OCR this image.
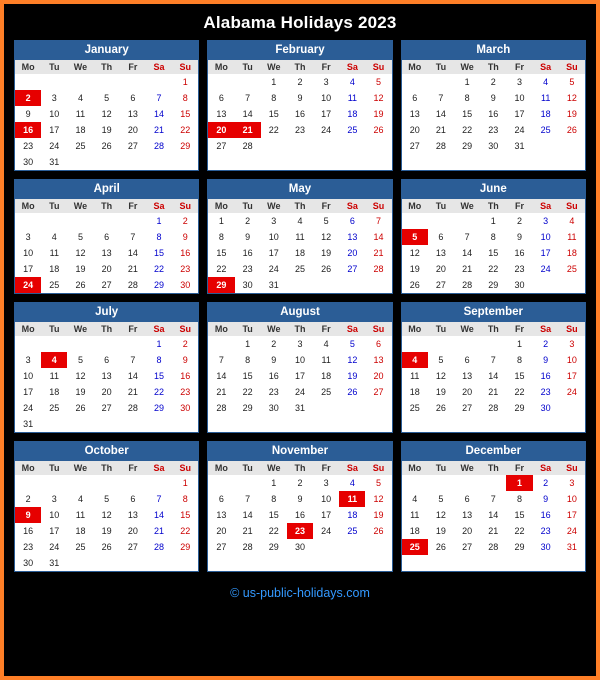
Alabama Holidays 2023
January
Mo	Tu	We	Th	Fr	Sa	Su
						1
2	3	4	5	6	7	8
9	10	11	12	13	14	15
16	17	18	19	20	21	22
23	24	25	26	27	28	29
30	31					
February
Mo	Tu	We	Th	Fr	Sa	Su
		1	2	3	4	5
6	7	8	9	10	11	12
13	14	15	16	17	18	19
20	21	22	23	24	25	26
27	28					
March
Mo	Tu	We	Th	Fr	Sa	Su
		1	2	3	4	5
6	7	8	9	10	11	12
13	14	15	16	17	18	19
20	21	22	23	24	25	26
27	28	29	30	31		
April
Mo	Tu	We	Th	Fr	Sa	Su
					1	2
3	4	5	6	7	8	9
10	11	12	13	14	15	16
17	18	19	20	21	22	23
24	25	26	27	28	29	30
May
Mo	Tu	We	Th	Fr	Sa	Su
1	2	3	4	5	6	7
8	9	10	11	12	13	14
15	16	17	18	19	20	21
22	23	24	25	26	27	28
29	30	31				
June
Mo	Tu	We	Th	Fr	Sa	Su
			1	2	3	4
5	6	7	8	9	10	11
12	13	14	15	16	17	18
19	20	21	22	23	24	25
26	27	28	29	30		
July
Mo	Tu	We	Th	Fr	Sa	Su
					1	2
3	4	5	6	7	8	9
10	11	12	13	14	15	16
17	18	19	20	21	22	23
24	25	26	27	28	29	30
31						
August
Mo	Tu	We	Th	Fr	Sa	Su
	1	2	3	4	5	6
7	8	9	10	11	12	13
14	15	16	17	18	19	20
21	22	23	24	25	26	27
28	29	30	31			
September
Mo	Tu	We	Th	Fr	Sa	Su
				1	2	3
4	5	6	7	8	9	10
11	12	13	14	15	16	17
18	19	20	21	22	23	24
25	26	27	28	29	30	
October
Mo	Tu	We	Th	Fr	Sa	Su
						1
2	3	4	5	6	7	8
9	10	11	12	13	14	15
16	17	18	19	20	21	22
23	24	25	26	27	28	29
30	31					
November
Mo	Tu	We	Th	Fr	Sa	Su
		1	2	3	4	5
6	7	8	9	10	11	12
13	14	15	16	17	18	19
20	21	22	23	24	25	26
27	28	29	30			
December
Mo	Tu	We	Th	Fr	Sa	Su
				1	2	3
4	5	6	7	8	9	10
11	12	13	14	15	16	17
18	19	20	21	22	23	24
25	26	27	28	29	30	31
© us-public-holidays.com
